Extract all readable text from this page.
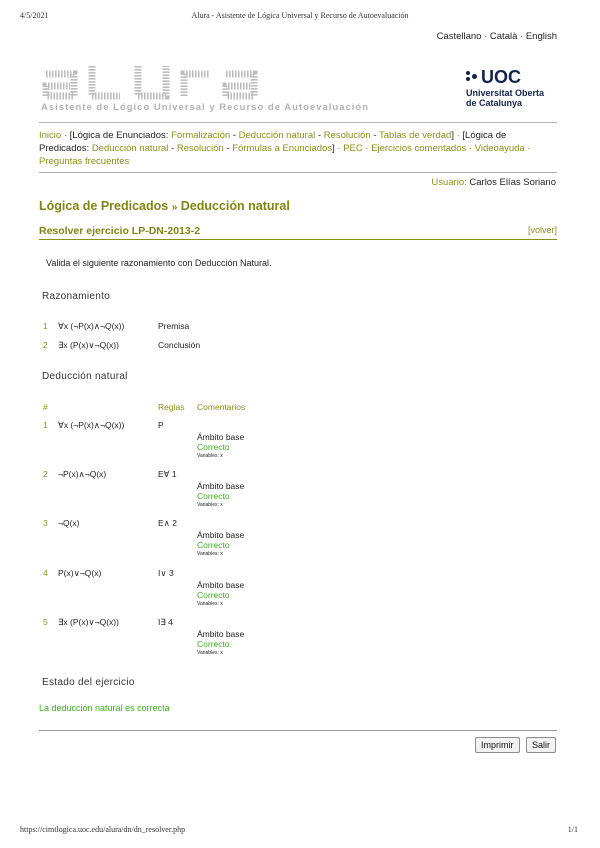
4/5/2021	Alura - Asistente de Lógica Universal y Recurso de Autoevaluación
Castellano · Català · English
Asistente de Lógico Universal y Recurso de Autoevaluación
UOC
Universitat Oberta
de Catalunya
Inicio · [Lógica de Enunciados: Formalización - Deducción natural - Resolución - Tablas de verdad] · [Lógica de Predicados: Deducción natural - Resolución - Fórmulas a Enunciados] · PEC · Ejercicios comentados · Videoayuda · Preguntas frecuentes
Usuario: Carlos Elías Soriano
Lógica de Predicados » Deducción natural
Resolver ejercicio LP-DN-2013-2	[volver]
Valida el siguiente razonamiento con Deducción Natural.
Razonamiento
1 ∀x (¬P(x)∧¬Q(x))	Premisa
2 ∃x (P(x)∨¬Q(x))	Conclusión
Deducción natural
#	Reglas Comentarios
1 ∀x (¬P(x)∧¬Q(x))	P
Ámbito base
Correcto
Variables: x
2 ¬P(x)∧¬Q(x)	E∀ 1
Ámbito base
Correcto
Variables: x
3 ¬Q(x)	E∧ 2
Ámbito base
Correcto
Variables: x
4 P(x)∨¬Q(x)	I∨ 3
Ámbito base
Correcto
Variables: x
5 ∃x (P(x)∨¬Q(x))	I∃ 4
Ámbito base
Correcto
Variables: x
Estado del ejercicio
La deducción natural es correcta
Imprimir	Salir
https://cimtlogica.uoc.edu/alura/dn/dn_resolver.php	1/1
